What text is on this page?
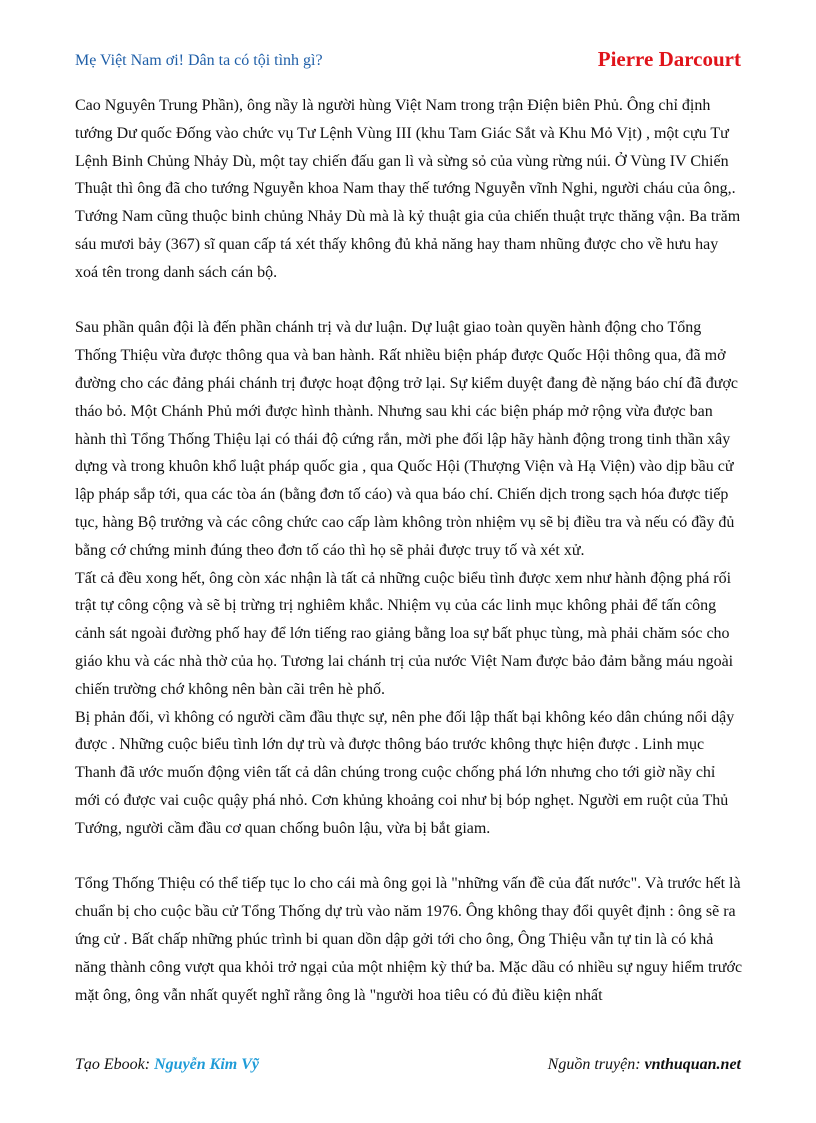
Mẹ Việt Nam ơi! Dân ta có tội tình gì?	Pierre Darcourt

Cao Nguyên Trung Phần), ông nầy là người hùng Việt Nam trong trận Điện biên Phủ. Ông chỉ định tướng Dư quốc Đống vào chức vụ Tư Lệnh Vùng III (khu Tam Giác Sắt và Khu Mỏ Vịt) , một cựu Tư Lệnh Binh Chủng Nhảy Dù, một tay chiến đấu gan lì và sừng sỏ của vùng rừng núi. Ở Vùng IV Chiến Thuật thì ông đã cho tướng Nguyễn khoa Nam thay thế tướng Nguyễn vĩnh Nghi, người cháu của ông,. Tướng Nam cũng thuộc binh chủng Nhảy Dù mà là kỷ thuật gia của chiến thuật trực thăng vận. Ba trăm sáu mươi bảy (367) sĩ quan cấp tá xét thấy không đủ khả năng hay tham nhũng được cho về hưu hay xoá tên trong danh sách cán bộ.

Sau phần quân đội là đến phần chánh trị và dư luận. Dự luật giao toàn quyền hành động cho Tổng Thống Thiệu vừa được thông qua và ban hành. Rất nhiều biện pháp được Quốc Hội thông qua, đã mở đường cho các đảng phái chánh trị được hoạt động trở lại. Sự kiểm duyệt đang đè nặng báo chí đã được tháo bỏ. Một Chánh Phủ mới được hình thành. Nhưng sau khi các biện pháp mở rộng vừa được ban hành thì Tổng Thống Thiệu lại có thái độ cứng rắn, mời phe đối lập hãy hành động trong tinh thần xây dựng và trong khuôn khổ luật pháp quốc gia , qua Quốc Hội (Thượng Viện và Hạ Viện) vào dịp bầu cử lập pháp sắp tới, qua các tòa án (bằng đơn tố cáo) và qua báo chí. Chiến dịch trong sạch hóa được tiếp tục, hàng Bộ trưởng và các công chức cao cấp làm không tròn nhiệm vụ sẽ bị điều tra và nếu có đầy đủ bằng cớ chứng minh đúng theo đơn tố cáo thì họ sẽ phải được truy tố và xét xử.

Tất cả đều xong hết, ông còn xác nhận là tất cả những cuộc biểu tình được xem như hành động phá rối trật tự công cộng và sẽ bị trừng trị nghiêm khắc. Nhiệm vụ của các linh mục không phải để tấn công cảnh sát ngoài đường phố hay để lớn tiếng rao giảng bằng loa sự bất phục tùng, mà phải chăm sóc cho giáo khu và các nhà thờ của họ. Tương lai chánh trị của nước Việt Nam được bảo đảm bằng máu ngoài chiến trường chớ không nên bàn cãi trên hè phố.

Bị phản đối, vì không có người cầm đầu thực sự, nên phe đối lập thất bại không kéo dân chúng nổi dậy được . Những cuộc biểu tình lớn dự trù và được thông báo trước không thực hiện được . Linh mục Thanh đã ước muốn động viên tất cả dân chúng trong cuộc chống phá lớn nhưng cho tới giờ nầy chỉ mới có được vai cuộc quậy phá nhỏ. Cơn khủng khoảng coi như bị bóp nghẹt. Người em ruột của Thủ Tướng, người cầm đầu cơ quan chống buôn lậu, vừa bị bắt giam.

Tổng Thống Thiệu có thể tiếp tục lo cho cái mà ông gọi là "những vấn đề của đất nước". Và trước hết là chuẩn bị cho cuộc bầu cử Tổng Thống dự trù vào năm 1976. Ông không thay đổi quyêt định : ông sẽ ra ứng cử . Bất chấp những phúc trình bi quan dồn dập gởi tới cho ông, Ông Thiệu vẫn tự tin là có khả năng thành công vượt qua khỏi trở ngại của một nhiệm kỳ thứ ba. Mặc dầu có nhiều sự nguy hiểm trước mặt ông, ông vẫn nhất quyết nghĩ rằng ông là "người hoa tiêu có đủ điều kiện nhất

Tạo Ebook: Nguyễn Kim Vỹ	Nguồn truyện: vnthuquan.net
